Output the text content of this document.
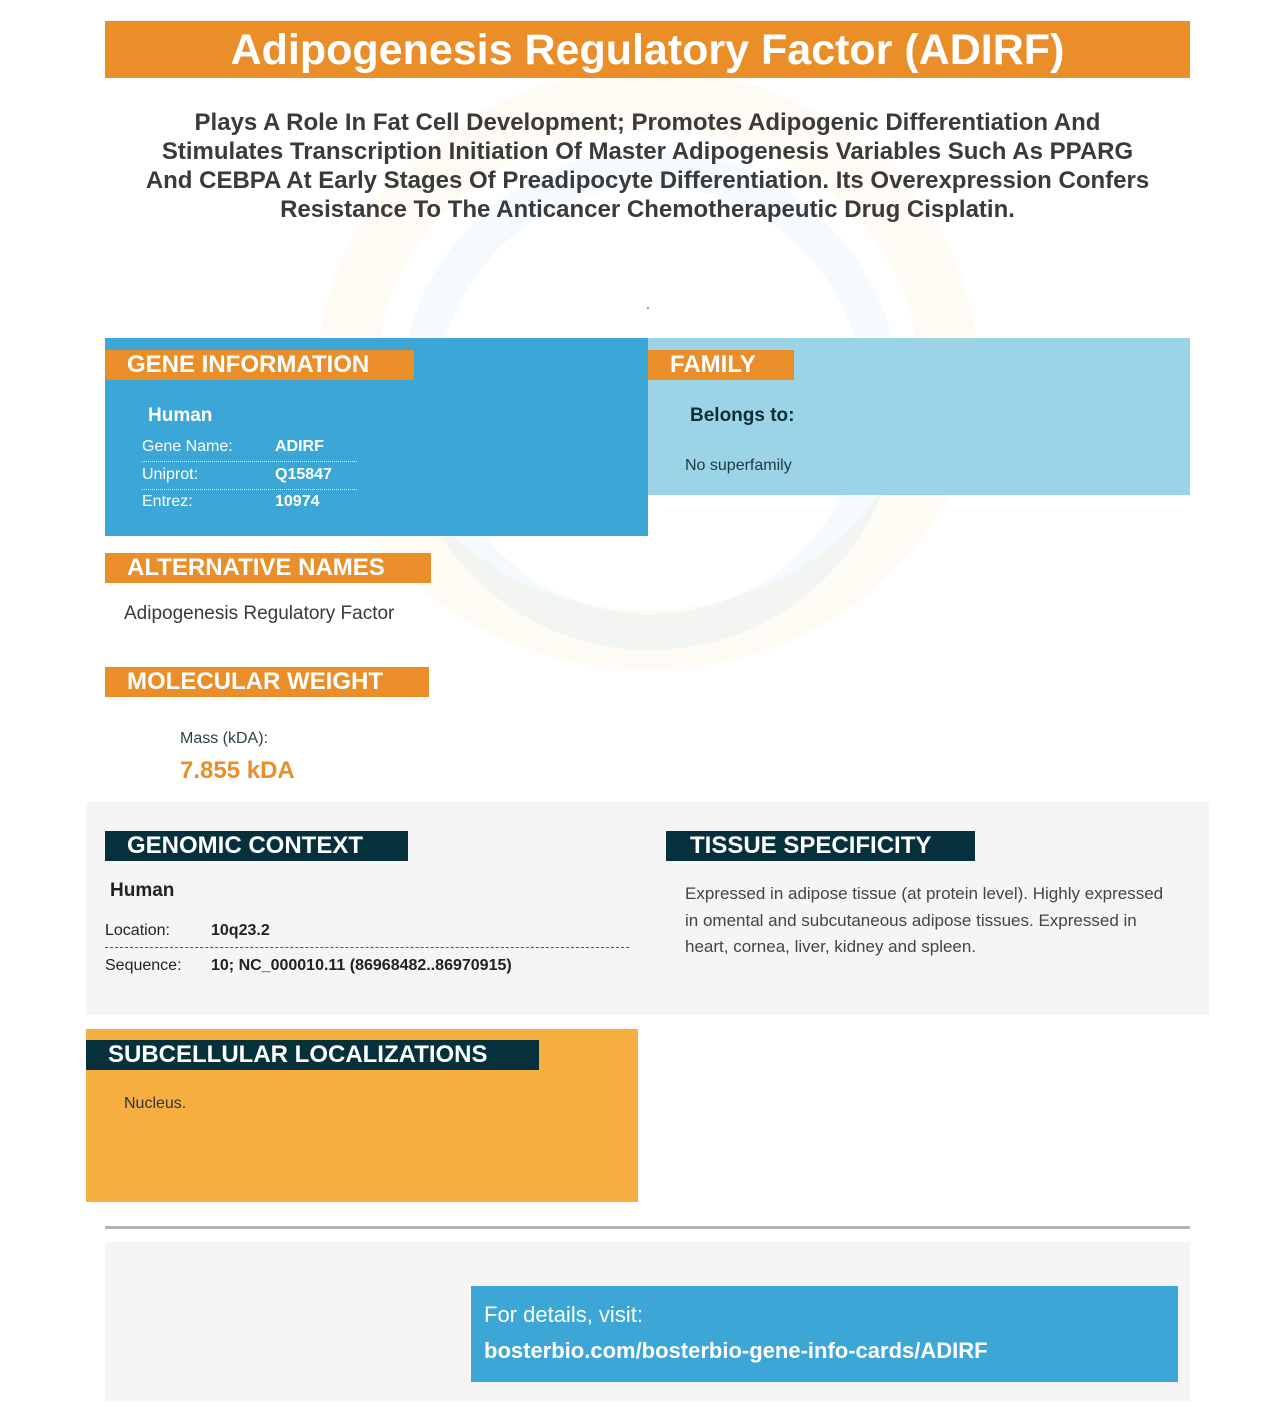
Adipogenesis Regulatory Factor (ADIRF)
Plays A Role In Fat Cell Development; Promotes Adipogenic Differentiation And Stimulates Transcription Initiation Of Master Adipogenesis Variables Such As PPARG And CEBPA At Early Stages Of Preadipocyte Differentiation. Its Overexpression Confers Resistance To The Anticancer Chemotherapeutic Drug Cisplatin.
.
GENE INFORMATION
Human
Gene Name:	ADIRF
Uniprot:	Q15847
Entrez:	10974
FAMILY
Belongs to:
No superfamily
ALTERNATIVE NAMES
Adipogenesis Regulatory Factor
MOLECULAR WEIGHT
Mass (kDA):
7.855 kDA
GENOMIC CONTEXT
Human
Location:	10q23.2
Sequence: 10; NC_000010.11 (86968482..86970915)
TISSUE SPECIFICITY
Expressed in adipose tissue (at protein level). Highly expressed in omental and subcutaneous adipose tissues. Expressed in heart, cornea, liver, kidney and spleen.
SUBCELLULAR LOCALIZATIONS
Nucleus.
For details, visit:
bosterbio.com/bosterbio-gene-info-cards/ADIRF
